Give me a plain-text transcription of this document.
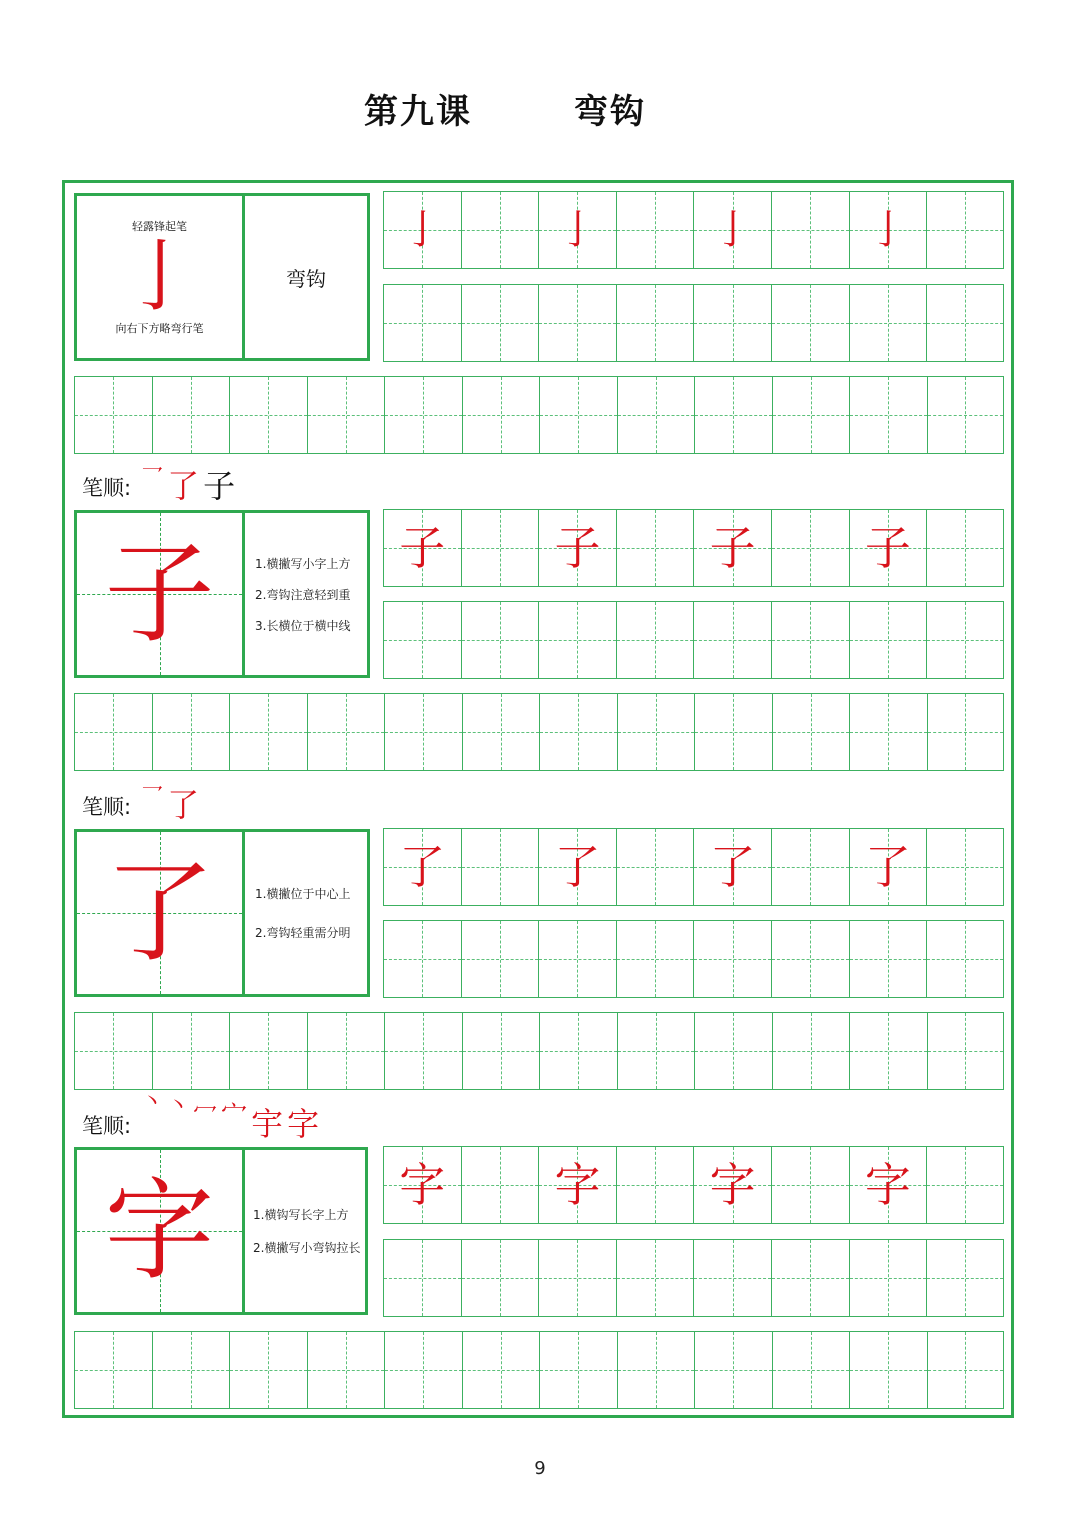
第九课	弯钩
轻露锋起笔
亅
向右下方略弯行笔
弯钩
亅	亅	亅	亅
笔顺: 乛 了 子
子	1.横撇写小字上方
2.弯钩注意轻到重
3.长横位于横中线
子 子 子 子
笔顺: 乛 了
了	1.横撇位于中心上
2.弯钩轻重需分明
了 了 了 了
笔顺:
丶 丶 冖 宀 宇 字
字	1.横钩写长字上方
2.横撇写小弯钩拉长
字 字 字 字
9
